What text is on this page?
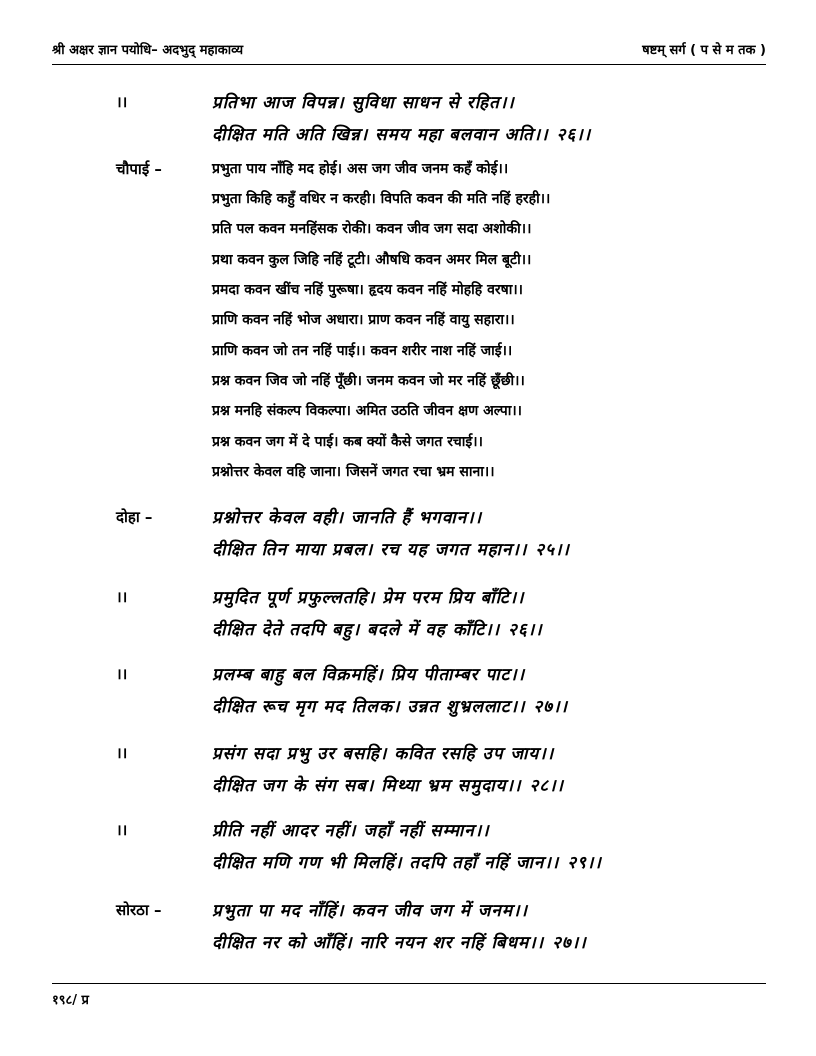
श्री अक्षर ज्ञान पयोधि– अदभुद् महाकाव्य	षष्टम् सर्ग ( प से म तक )
।।	प्रतिभा आज विपन्न। सुविधा साधन से रहित।।
दीक्षित मति अति खिन्न। समय महा बलवान अति।। २६।।
चौपाई –	प्रभुता पाय नाँहि मद होई। अस जग जीव जनम कहँ कोई।।
प्रभुता किहि कहुँ वधिर न करही। विपति कवन की मति नहिं हरही।।
प्रति पल कवन मनहिंसक रोकी। कवन जीव जग सदा अशोकी।।
प्रथा कवन कुल जिहि नहिं टूटी। औषधि कवन अमर मिल बूटी।।
प्रमदा कवन खींच नहिं पुरूषा। हृदय कवन नहिं मोहहि वरषा।।
प्राणि कवन नहिं भोज अधारा। प्राण कवन नहिं वायु सहारा।।
प्राणि कवन जो तन नहिं पाई।। कवन शरीर नाश नहिं जाई।।
प्रश्न कवन जिव जो नहिं पूँछी। जनम कवन जो मर नहिं छूँछी।।
प्रश्न मनहि संकल्प विकल्पा। अमित उठति जीवन क्षण अल्पा।।
प्रश्न कवन जग में दे पाई। कब क्यों कैसे जगत रचाई।।
प्रश्नोत्तर केवल वहि जाना। जिसनें जगत रचा भ्रम साना।।
दोहा –	प्रश्नोत्तर केवल वही। जानति हैं भगवान।।
दीक्षित तिन माया प्रबल। रच यह जगत महान।। २५।।
।।	प्रमुदित पूर्ण प्रफुल्लतहि। प्रेम परम प्रिय बाँटि।।
दीक्षित देते तदपि बहु। बदले में वह काँटि।। २६।।
।।	प्रलम्ब बाहु बल विक्रमहिं। प्रिय पीताम्बर पाट।।
दीक्षित रूच मृग मद तिलक। उन्नत शुभ्रललाट।। २७।।
।।	प्रसंग सदा प्रभु उर बसहि। कवित रसहि उप जाय।।
दीक्षित जग के संग सब। मिथ्या भ्रम समुदाय।। २८।।
।।	प्रीति नहीं आदर नहीं। जहाँ नहीं सम्मान।।
दीक्षित मणि गण भी मिलहिं। तदपि तहाँ नहिं जान।। २९।।
सोरठा –	प्रभुता पा मद नाँहिं। कवन जीव जग में जनम।।
दीक्षित नर को आँहिं। नारि नयन शर नहिं बिधम।। २७।।
१९८/ प्र
